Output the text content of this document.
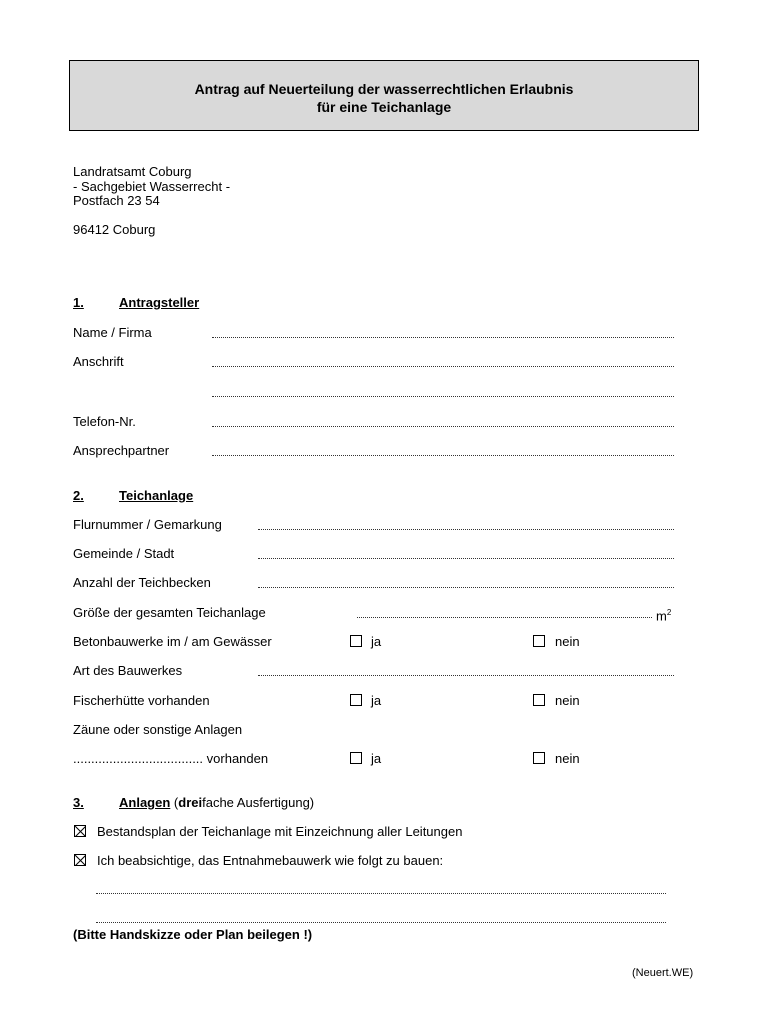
Antrag auf Neuerteilung der wasserrechtlichen Erlaubnis
für eine Teichanlage
Landratsamt Coburg
- Sachgebiet Wasserrecht -
Postfach 23 54
96412 Coburg
1.	Antragsteller
Name / Firma
Anschrift
Telefon-Nr.
Ansprechpartner
2.	Teichanlage
Flurnummer / Gemarkung
Gemeinde / Stadt
Anzahl der Teichbecken
Größe der gesamten Teichanlage	$m^2$
Betonbauwerke im / am Gewässer	ja	nein
Art des Bauwerkes
Fischerhütte vorhanden	ja	nein
Zäune oder sonstige Anlagen
.................................... vorhanden	ja	nein
3.	Anlagen (dreifache Ausfertigung)
Bestandsplan der Teichanlage mit Einzeichnung aller Leitungen
Ich beabsichtige, das Entnahmebauwerk wie folgt zu bauen:
(Bitte Handskizze oder Plan beilegen !)
(Neuert.WE)
